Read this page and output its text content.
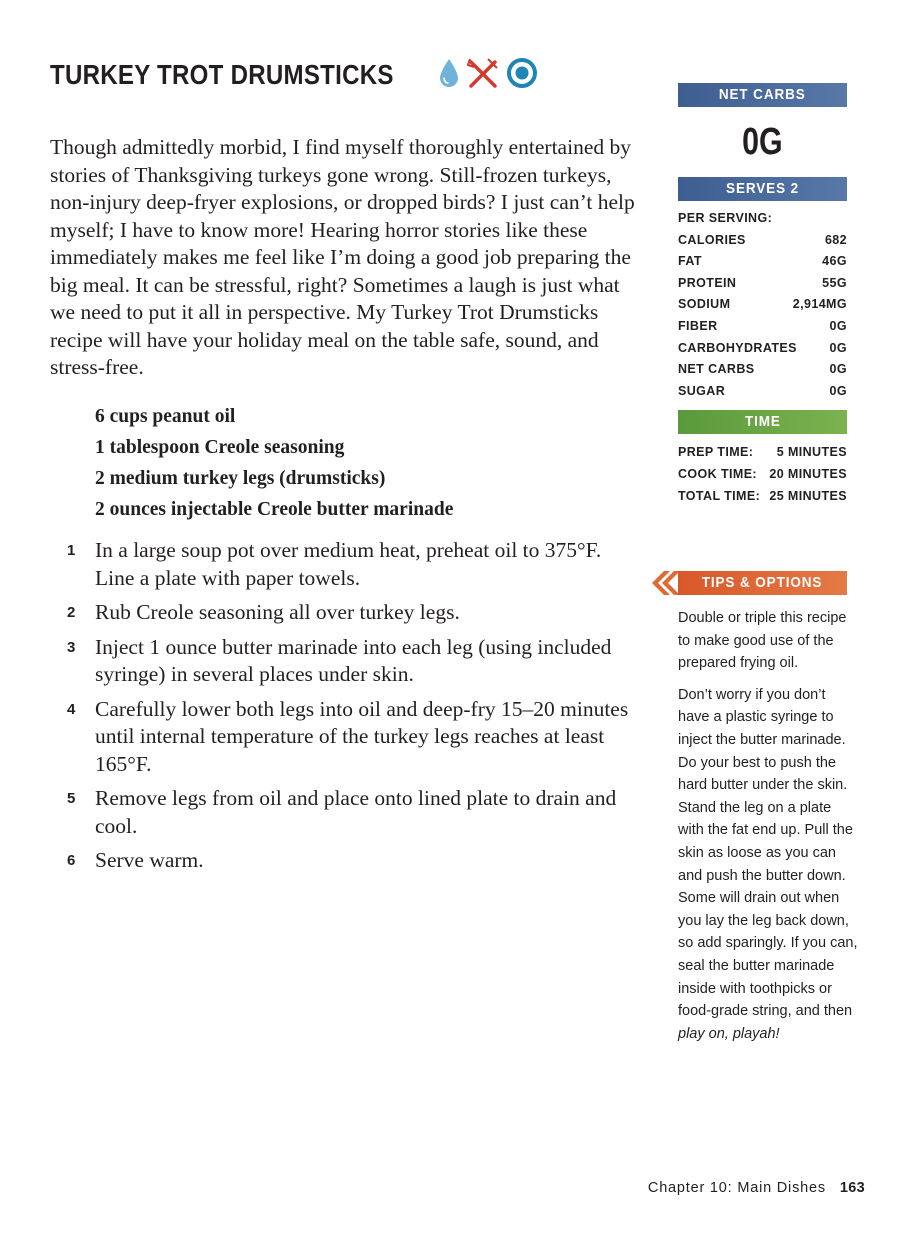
TURKEY TROT DRUMSTICKS

Though admittedly morbid, I find myself thoroughly entertained by stories of Thanksgiving turkeys gone wrong. Still-frozen turkeys, non-injury deep-fryer explosions, or dropped birds? I just can’t help myself; I have to know more! Hearing horror stories like these immediately makes me feel like I’m doing a good job preparing the big meal. It can be stressful, right? Sometimes a laugh is just what we need to put it all in perspective. My Turkey Trot Drumsticks recipe will have your holiday meal on the table safe, sound, and stress-free.

6 cups peanut oil
1 tablespoon Creole seasoning
2 medium turkey legs (drumsticks)
2 ounces injectable Creole butter marinade
1 In a large soup pot over medium heat, preheat oil to 375°F. Line a plate with paper towels.
2 Rub Creole seasoning all over turkey legs.
3 Inject 1 ounce butter marinade into each leg (using included syringe) in several places under skin.
4 Carefully lower both legs into oil and deep-fry 15–20 minutes until internal temperature of the turkey legs reaches at least 165°F.
5 Remove legs from oil and place onto lined plate to drain and cool.
6 Serve warm.
NET CARBS
0G
SERVES 2
PER SERVING:
CALORIES	682
FAT	46G
PROTEIN	55G
SODIUM	2,914MG
FIBER	0G
CARBOHYDRATES	0G
NET CARBS	0G
SUGAR	0G
TIME
PREP TIME: 5 MINUTES
COOK TIME: 20 MINUTES
TOTAL TIME: 25 MINUTES
TIPS & OPTIONS

Double or triple this recipe to make good use of the prepared frying oil.

Don’t worry if you don’t have a plastic syringe to inject the butter marinade. Do your best to push the hard butter under the skin. Stand the leg on a plate with the fat end up. Pull the skin as loose as you can and push the butter down. Some will drain out when you lay the leg back down, so add sparingly. If you can, seal the butter marinade inside with toothpicks or food-grade string, and then play on, playah!

Chapter 10: Main Dishes 163
